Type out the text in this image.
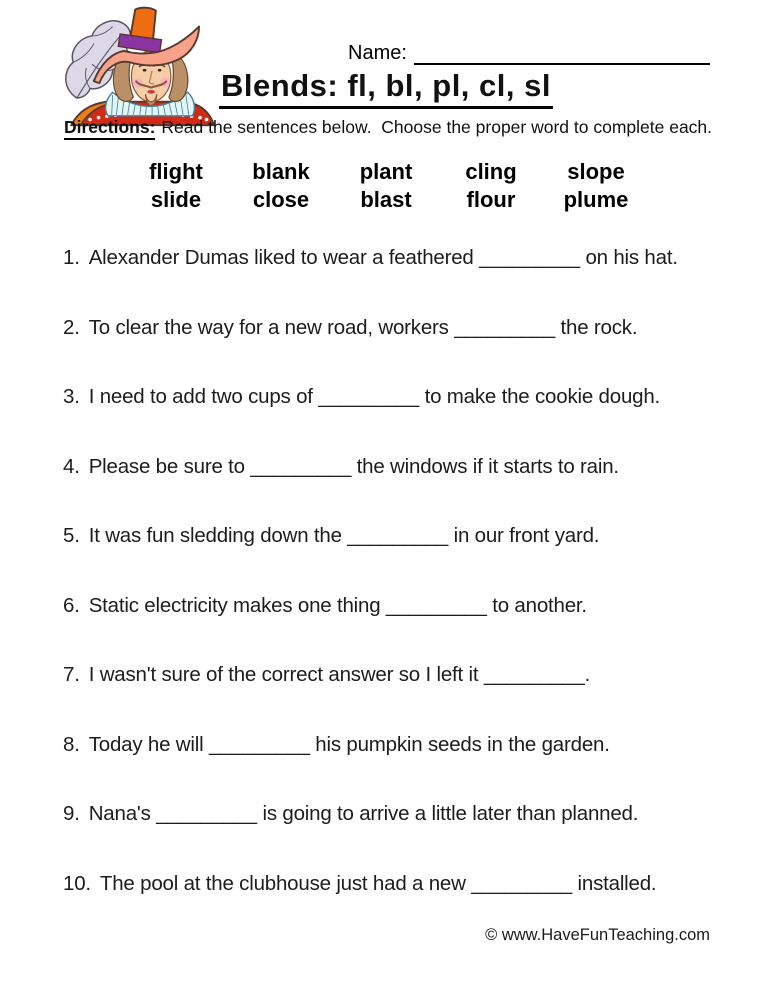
Name:
Blends: fl, bl, pl, cl, sl
Directions: Read the sentences below.  Choose the proper word to complete each.
flight	blank	plant	cling	slope
slide	close	blast	flour	plume
1. Alexander Dumas liked to wear a feathered _________ on his hat.
2. To clear the way for a new road, workers _________ the rock.
3. I need to add two cups of _________ to make the cookie dough.
4. Please be sure to _________ the windows if it starts to rain.
5. It was fun sledding down the _________ in our front yard.
6. Static electricity makes one thing _________ to another.
7. I wasn't sure of the correct answer so I left it _________.
8. Today he will _________ his pumpkin seeds in the garden.
9. Nana's _________ is going to arrive a little later than planned.
10. The pool at the clubhouse just had a new _________ installed.
© www.HaveFunTeaching.com
